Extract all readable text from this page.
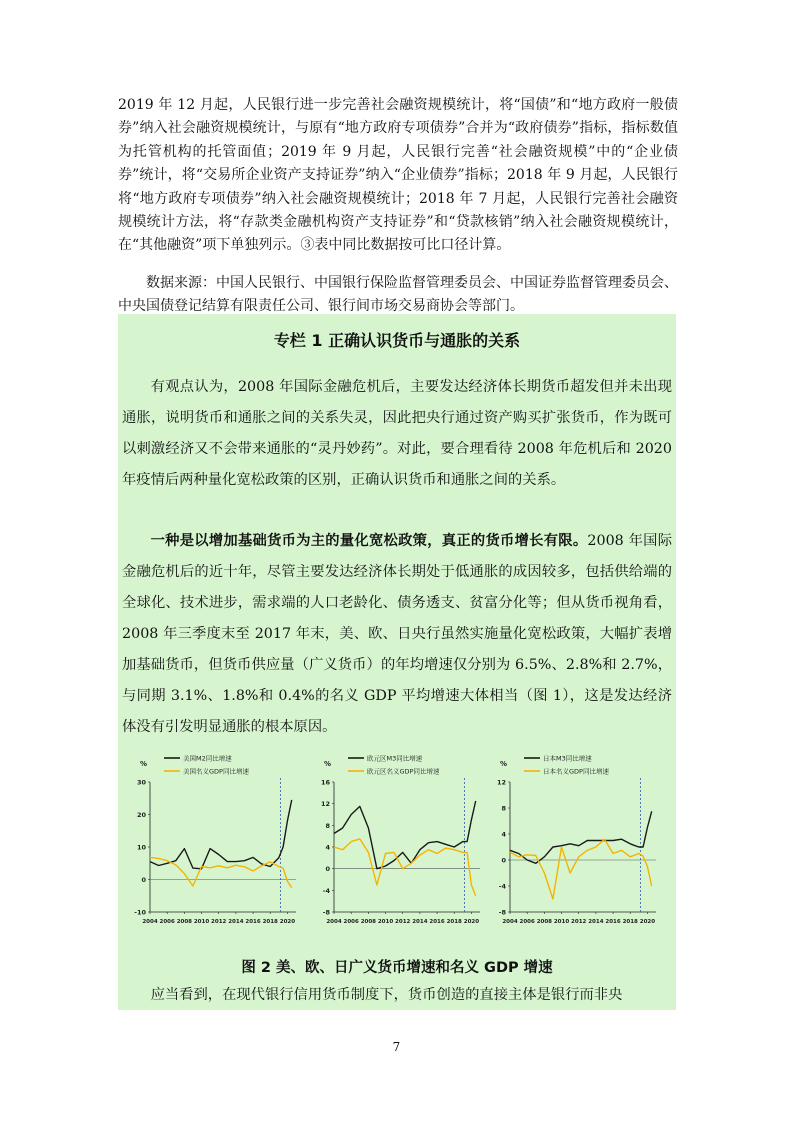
2019 年 12 月起，人民银行进一步完善社会融资规模统计，将“国债”和“地方政府一般债券”纳入社会融资规模统计，与原有“地方政府专项债券”合并为“政府债券”指标，指标数值为托管机构的托管面值；2019 年 9 月起，人民银行完善“社会融资规模”中的“企业债券”统计，将“交易所企业资产支持证券”纳入“企业债券”指标；2018 年 9 月起，人民银行将“地方政府专项债券”纳入社会融资规模统计；2018 年 7 月起，人民银行完善社会融资规模统计方法，将“存款类金融机构资产支持证券”和“贷款核销”纳入社会融资规模统计，在“其他融资”项下单独列示。③表中同比数据按可比口径计算。

数据来源：中国人民银行、中国银行保险监督管理委员会、中国证券监督管理委员会、中央国债登记结算有限责任公司、银行间市场交易商协会等部门。

专栏 1 正确认识货币与通胀的关系

有观点认为，2008 年国际金融危机后，主要发达经济体长期货币超发但并未出现通胀，说明货币和通胀之间的关系失灵，因此把央行通过资产购买扩张货币，作为既可以刺激经济又不会带来通胀的“灵丹妙药”。对此，要合理看待 2008 年危机后和 2020 年疫情后两种量化宽松政策的区别，正确认识货币和通胀之间的关系。

一种是以增加基础货币为主的量化宽松政策，真正的货币增长有限。2008 年国际金融危机后的近十年，尽管主要发达经济体长期处于低通胀的成因较多，包括供给端的全球化、技术进步，需求端的人口老龄化、债务透支、贫富分化等；但从货币视角看，2008 年三季度末至 2017 年末，美、欧、日央行虽然实施量化宽松政策，大幅扩表增加基础货币，但货币供应量（广义货币）的年均增速仅分别为 6.5%、2.8%和 2.7%，与同期 3.1%、1.8%和 0.4%的名义 GDP 平均增速大体相当（图 1），这是发达经济体没有引发明显通胀的根本原因。

%
-10
0
10
20
30
2004 2006 2008 2010 2012 2014 2016 2018 2020
美国M2同比增速
美国名义GDP同比增速
%
-8
-4
0
4
8
12
16
2004 2006 2008 2010 2012 2014 2016 2018 2020
欧元区M3同比增速
欧元区名义GDP同比增速
%
-8
-4
0
4
8
12
2004 2006 2008 2010 2012 2014 2016 2018 2020
日本M3同比增速
日本名义GDP同比增速

图 2 美、欧、日广义货币增速和名义 GDP 增速

应当看到，在现代银行信用货币制度下，货币创造的直接主体是银行而非央

7
